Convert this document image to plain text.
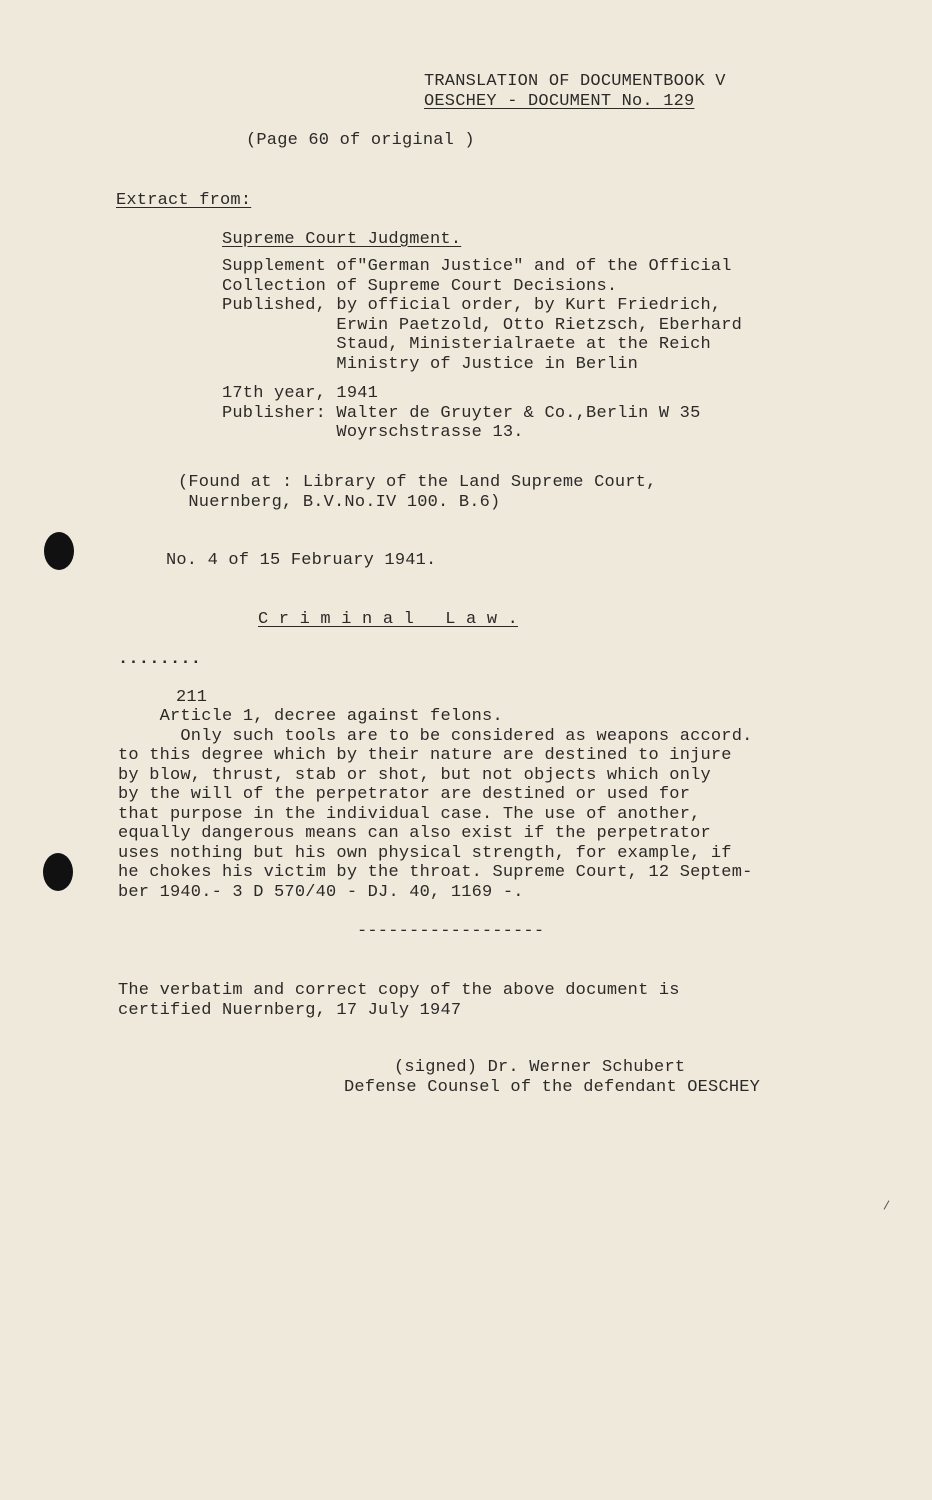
TRANSLATION OF DOCUMENTBOOK V
OESCHEY - DOCUMENT No. 129
(Page 60 of original )
Extract from:
Supreme Court Judgment.
Supplement of"German Justice" and of the Official
Collection of Supreme Court Decisions.
Published, by official order, by Kurt Friedrich,
Erwin Paetzold, Otto Rietzsch, Eberhard
Staud, Ministerialraete at the Reich
Ministry of Justice in Berlin
17th year, 1941
Publisher: Walter de Gruyter & Co.,Berlin W 35
Woyrschstrasse 13.
(Found at : Library of the Land Supreme Court,
Nuernberg, B.V.No.IV 100. B.6)
No. 4 of 15 February 1941.
C r i m i n a l   L a w .
........
211
Article 1, decree against felons.
Only such tools are to be considered as weapons accord.
to this degree which by their nature are destined to injure
by blow, thrust, stab or shot, but not objects which only
by the will of the perpetrator are destined or used for
that purpose in the individual case. The use of another,
equally dangerous means can also exist if the perpetrator
uses nothing but his own physical strength, for example, if
he chokes his victim by the throat. Supreme Court, 12 Septem-
ber 1940.- 3 D 570/40 - DJ. 40, 1169 -.
------------------
The verbatim and correct copy of the above document is
certified Nuernberg, 17 July 1947
(signed) Dr. Werner Schubert
Defense Counsel of the defendant OESCHEY
